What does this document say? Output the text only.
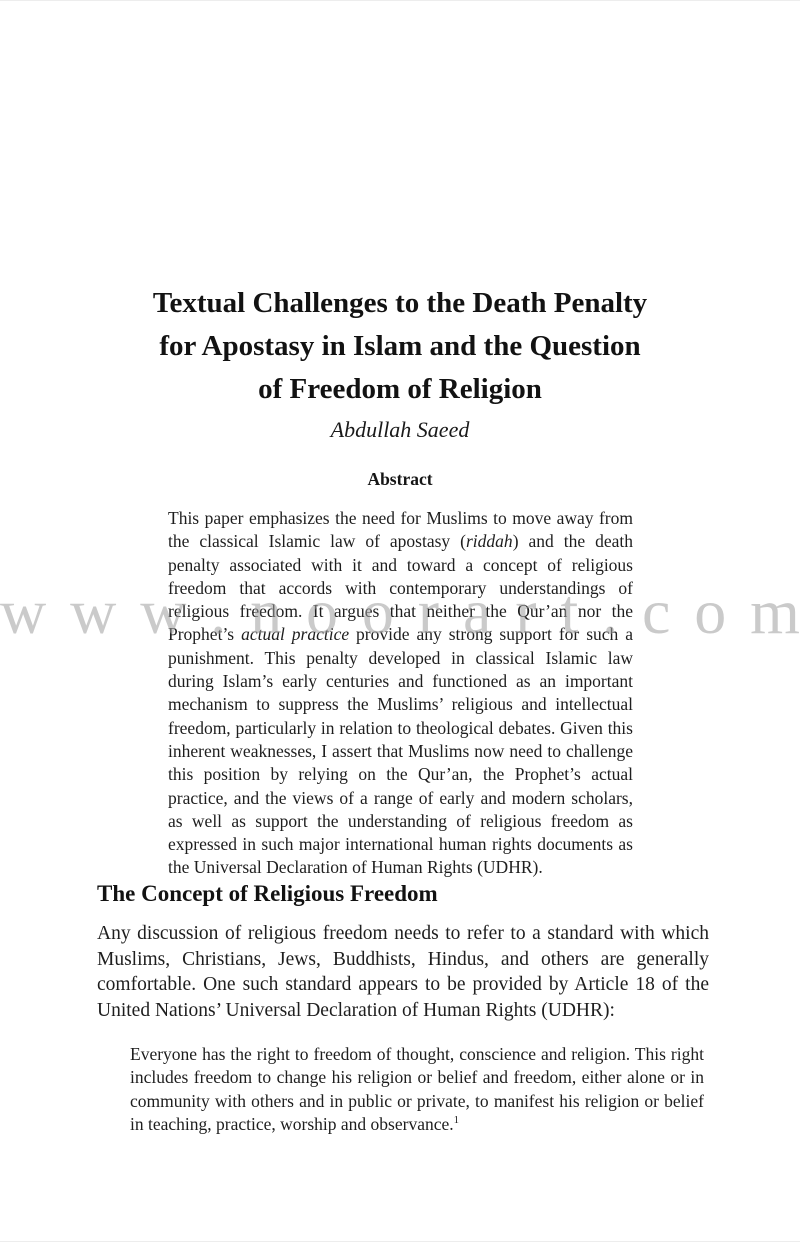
Textual Challenges to the Death Penalty
for Apostasy in Islam and the Question
of Freedom of Religion
Abdullah Saeed
Abstract

This paper emphasizes the need for Muslims to move away from the classical Islamic law of apostasy (riddah) and the death penalty associated with it and toward a concept of religious freedom that accords with contemporary understandings of religious freedom. It argues that neither the Qur’an nor the Prophet’s actual practice provide any strong support for such a punishment. This penalty developed in classical Islamic law during Islam’s early centuries and functioned as an important mechanism to suppress the Muslims’ religious and intellectual freedom, particularly in relation to theological debates. Given this inherent weaknesses, I assert that Muslims now need to challenge this position by relying on the Qur’an, the Prophet’s actual practice, and the views of a range of early and modern scholars, as well as support the understanding of religious freedom as expressed in such major international human rights documents as the Universal Declaration of Human Rights (UDHR).

The Concept of Religious Freedom

Any discussion of religious freedom needs to refer to a standard with which Muslims, Christians, Jews, Buddhists, Hindus, and others are generally comfortable. One such standard appears to be provided by Article 18 of the United Nations’ Universal Declaration of Human Rights (UDHR):

Everyone has the right to freedom of thought, conscience and religion. This right includes freedom to change his religion or belief and freedom, either alone or in community with others and in public or private, to manifest his religion or belief in teaching, practice, worship and observance.$^1$
w w w . n o o r a r t . c o m
